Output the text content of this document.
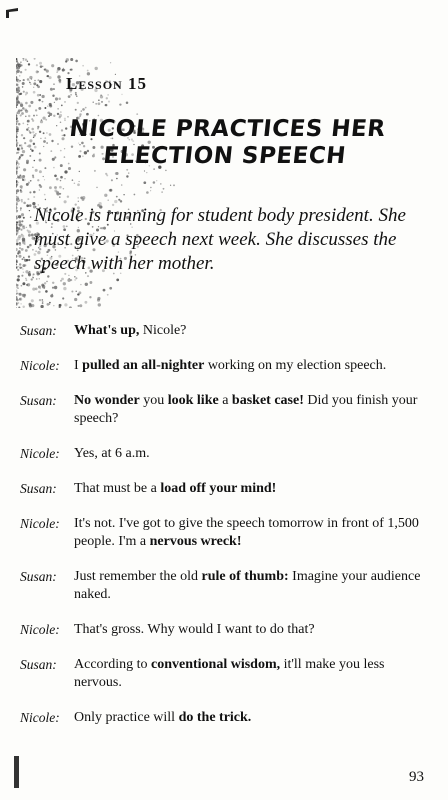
Lesson 15
NICOLE PRACTICES HER
ELECTION SPEECH
Nicole is running for student body president. She must give a speech next week. She discusses the speech with her mother.
Susan:	What's up, Nicole?
Nicole:	I pulled an all-nighter working on my election speech.
Susan:	No wonder you look like a basket case! Did you finish your speech?
Nicole:	Yes, at 6 a.m.
Susan:	That must be a load off your mind!
Nicole:	It's not. I've got to give the speech tomorrow in front of 1,500 people. I'm a nervous wreck!
Susan:	Just remember the old rule of thumb: Imagine your audience naked.
Nicole:	That's gross. Why would I want to do that?
Susan:	According to conventional wisdom, it'll make you less nervous.
Nicole:	Only practice will do the trick.
93
